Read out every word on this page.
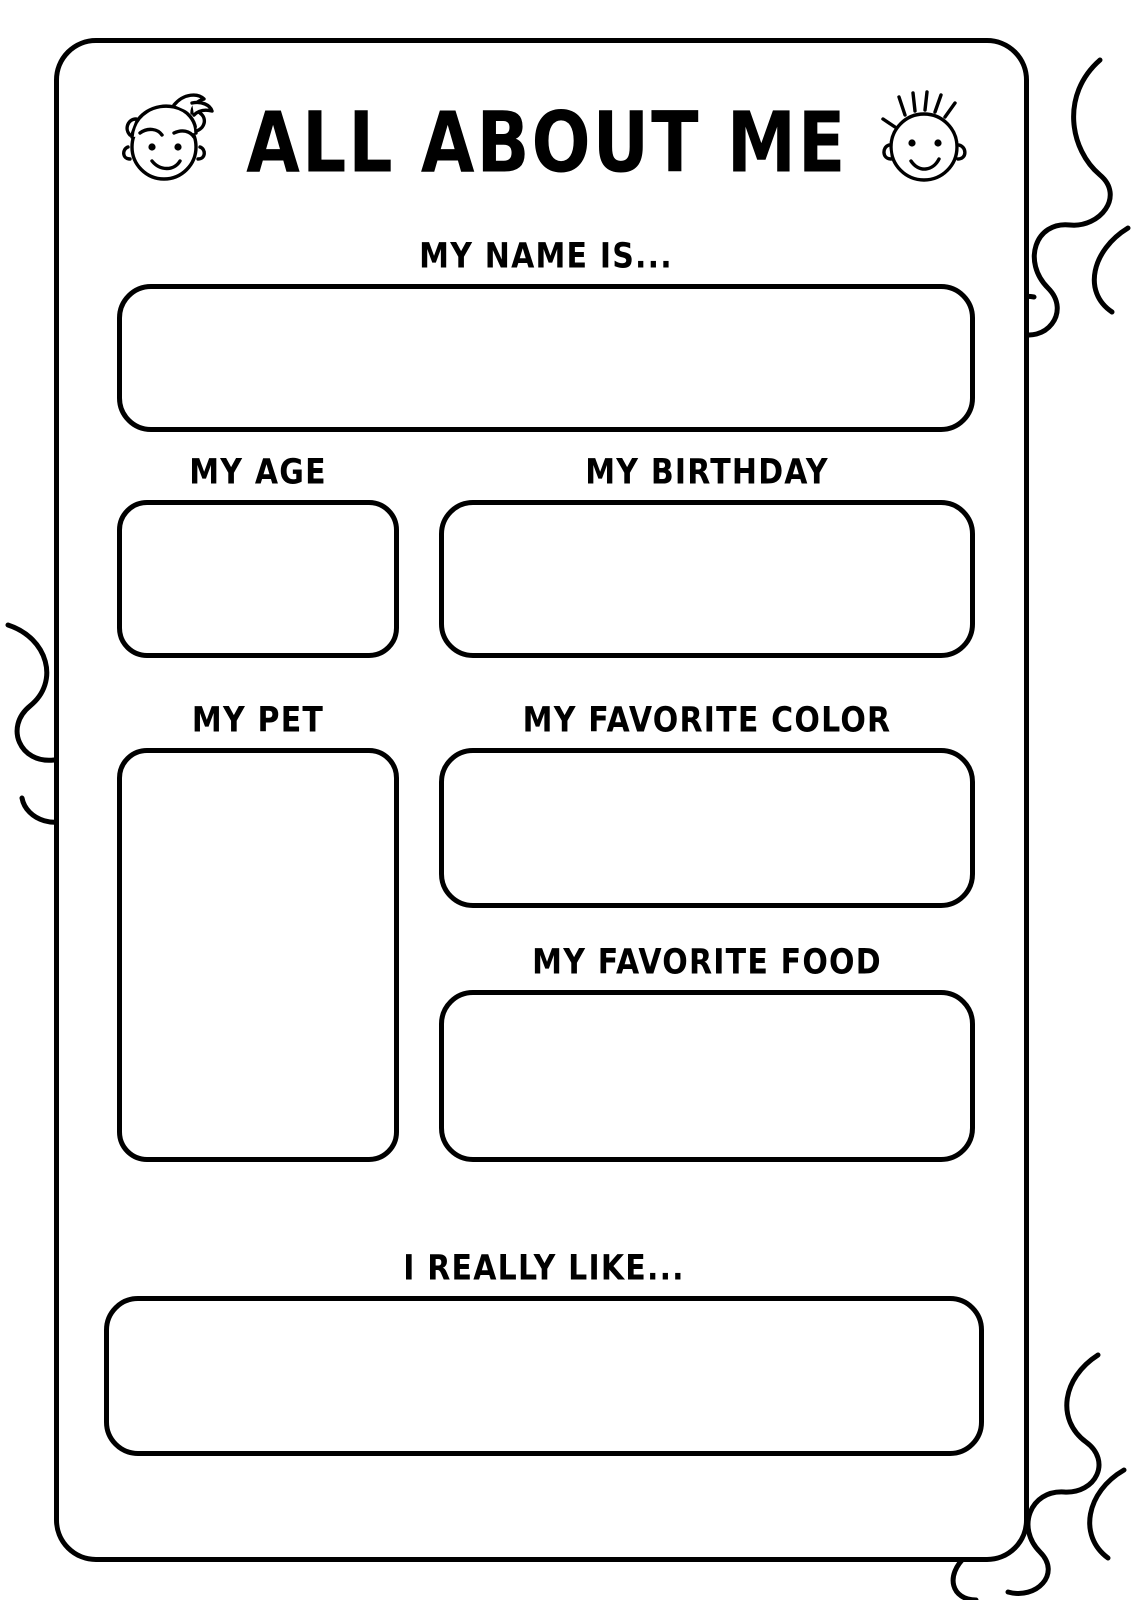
ALL ABOUT ME
MY NAME IS...
MY AGE	MY BIRTHDAY
MY PET	MY FAVORITE COLOR
MY FAVORITE FOOD
I REALLY LIKE...
